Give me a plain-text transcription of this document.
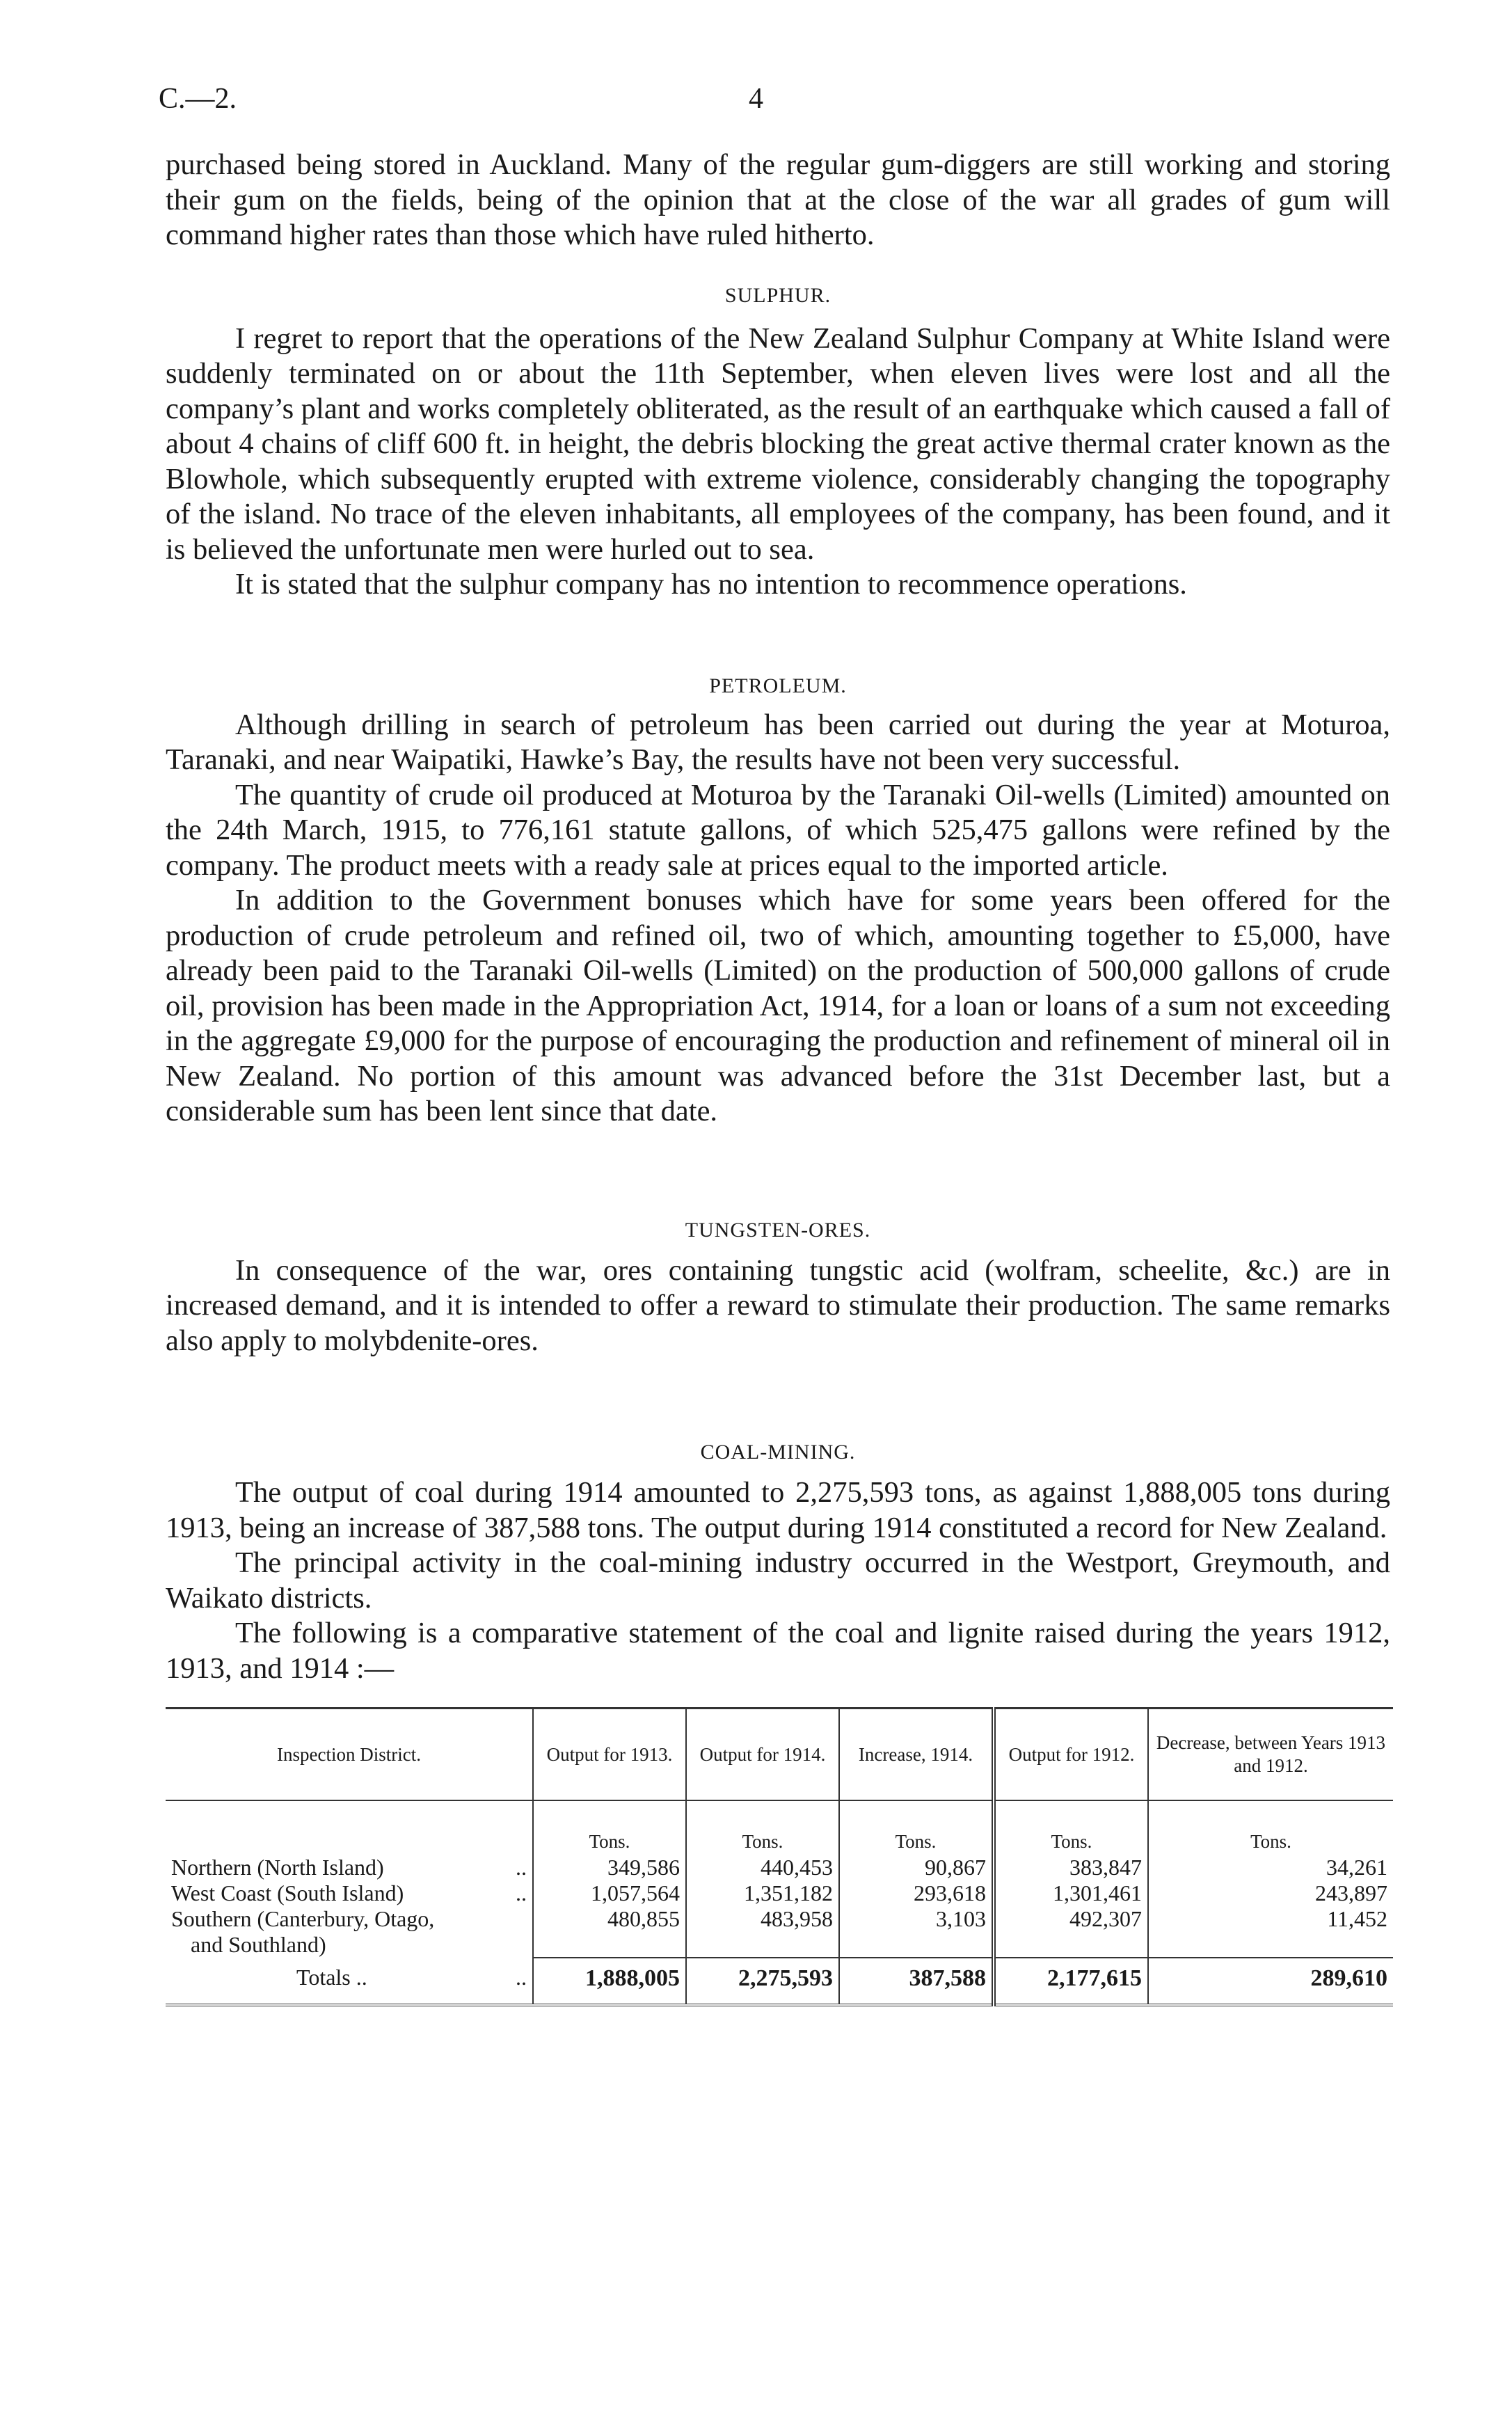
C.—2.	4

purchased being stored in Auckland. Many of the regular gum-diggers are still working and storing their gum on the fields, being of the opinion that at the close of the war all grades of gum will command higher rates than those which have ruled hitherto.

SULPHUR.

I regret to report that the operations of the New Zealand Sulphur Company at White Island were suddenly terminated on or about the 11th September, when eleven lives were lost and all the company’s plant and works completely obliterated, as the result of an earthquake which caused a fall of about 4 chains of cliff 600 ft. in height, the debris blocking the great active thermal crater known as the Blowhole, which subsequently erupted with extreme violence, considerably changing the topography of the island. No trace of the eleven inhabitants, all employees of the company, has been found, and it is believed the unfortunate men were hurled out to sea.

It is stated that the sulphur company has no intention to recommence operations.

PETROLEUM.

Although drilling in search of petroleum has been carried out during the year at Moturoa, Taranaki, and near Waipatiki, Hawke’s Bay, the results have not been very successful.

The quantity of crude oil produced at Moturoa by the Taranaki Oil-wells (Limited) amounted on the 24th March, 1915, to 776,161 statute gallons, of which 525,475 gallons were refined by the company. The product meets with a ready sale at prices equal to the imported article.

In addition to the Government bonuses which have for some years been offered for the production of crude petroleum and refined oil, two of which, amounting together to £5,000, have already been paid to the Taranaki Oil-wells (Limited) on the production of 500,000 gallons of crude oil, provision has been made in the Appropriation Act, 1914, for a loan or loans of a sum not exceeding in the aggregate £9,000 for the purpose of encouraging the production and refinement of mineral oil in New Zealand. No portion of this amount was advanced before the 31st December last, but a considerable sum has been lent since that date.

TUNGSTEN-ORES.

In consequence of the war, ores containing tungstic acid (wolfram, scheelite, &c.) are in increased demand, and it is intended to offer a reward to stimulate their production. The same remarks also apply to molybdenite-ores.

COAL-MINING.

The output of coal during 1914 amounted to 2,275,593 tons, as against 1,888,005 tons during 1913, being an increase of 387,588 tons. The output during 1914 constituted a record for New Zealand.

The principal activity in the coal-mining industry occurred in the Westport, Greymouth, and Waikato districts.

The following is a comparative statement of the coal and lignite raised during the years 1912, 1913, and 1914 :—

Inspection District.	Output for 1913.	Output for 1914.	Increase, 1914.	Output for 1912.	Decrease, between Years 1913 and 1912.
	Tons.	Tons.	Tons.	Tons.	Tons.
Northern (North Island) ..	349,586	440,453	90,867	383,847	34,261
West Coast (South Island) ..	1,057,564	1,351,182	293,618	1,301,461	243,897
Southern (Canterbury, Otago,
and Southland)	480,855	483,958	3,103	492,307	11,452
Totals .. ..	1,888,005	2,275,593	387,588	2,177,615	289,610
